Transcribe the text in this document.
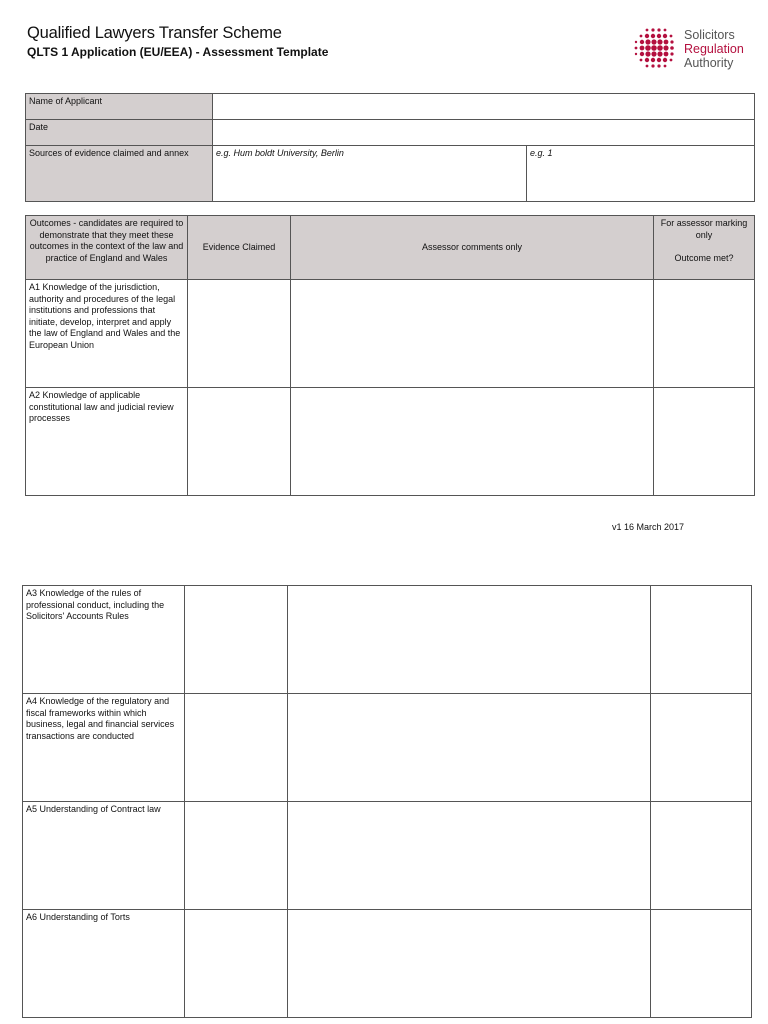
Qualified Lawyers Transfer Scheme
QLTS 1 Application (EU/EEA) - Assessment Template
Solicitors
Regulation
Authority
Name of Applicant		
Date		
Sources of evidence claimed and annex	e.g. Hum boldt University, Berlin	e.g. 1
Outcomes - candidates are required to demonstrate that they meet these outcomes in the context of the law and practice of England and Wales	Evidence Claimed	Assessor comments only	For assessor marking only
Outcome met?

A1 Knowledge of the jurisdiction, authority and procedures of the legal institutions and professions that initiate, develop, interpret and apply the law of England and Wales and the European Union			
A2 Knowledge of applicable constitutional law and judicial review processes			
v1 16 March 2017
A3 Knowledge of the rules of professional conduct, including the Solicitors' Accounts Rules			
A4 Knowledge of the regulatory and fiscal frameworks within which business, legal and financial services transactions are conducted			
A5 Understanding of Contract law			
A6 Understanding of Torts			
